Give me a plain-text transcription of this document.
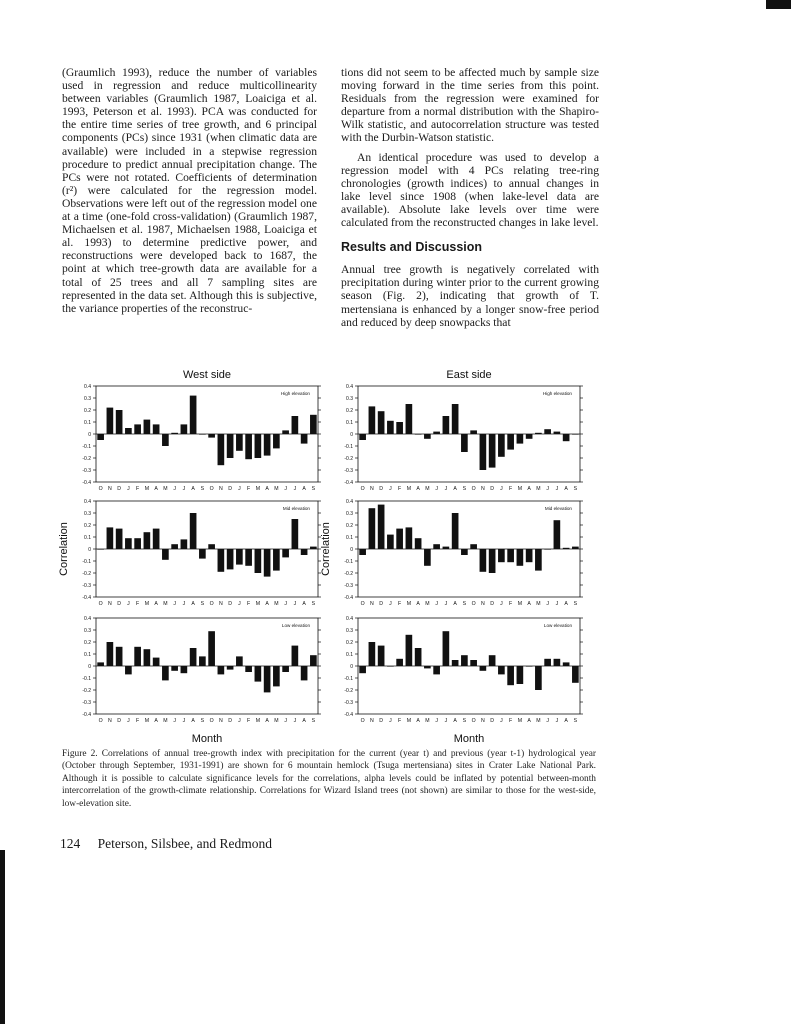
(Graumlich 1993), reduce the number of variables used in regression and reduce multicollinearity between variables (Graumlich 1987, Loaiciga et al. 1993, Peterson et al. 1993). PCA was conducted for the entire time series of tree growth, and 6 principal components (PCs) since 1931 (when climatic data are available) were included in a stepwise regression procedure to predict annual precipitation change. The PCs were not rotated. Coefficients of determination (r²) were calculated for the regression model. Observations were left out of the regression model one at a time (one-fold cross-validation) (Graumlich 1987, Michaelsen et al. 1987, Michaelsen 1988, Loaiciga et al. 1993) to determine predictive power, and reconstructions were developed back to 1687, the point at which tree-growth data are available for a total of 25 trees and all 7 sampling sites are represented in the data set. Although this is subjective, the variance properties of the reconstruc-

tions did not seem to be affected much by sample size moving forward in the time series from this point. Residuals from the regression were examined for departure from a normal distribution with the Shapiro-Wilk statistic, and autocorrelation structure was tested with the Durbin-Watson statistic.

An identical procedure was used to develop a regression model with 4 PCs relating tree-ring chronologies (growth indices) to annual changes in lake level since 1908 (when lake-level data are available). Absolute lake levels over time were calculated from the reconstructed changes in lake level.

Results and Discussion

Annual tree growth is negatively correlated with precipitation during winter prior to the current growing season (Fig. 2), indicating that growth of T. mertensiana is enhanced by a longer snow-free period and reduced by deep snowpacks that

West side	East side
Correlation	Correlation
Month	Month
0.4
0.3
0.2
0.1
0
-0.1
-0.2
-0.3
-0.4
O N D J F M A M J J A S O N D J F M A M J J A S
High elevation
0.4
0.3
0.2
0.1
0
-0.1
-0.2
-0.3
-0.4
O N D J F M A M J J A S O N D J F M A M J J A S
High elevation
0.4
0.3
0.2
0.1
0
-0.1
-0.2
-0.3
-0.4
O N D J F M A M J J A S O N D J F M A M J J A S
Mid elevation
0.4
0.3
0.2
0.1
0
-0.1
-0.2
-0.3
-0.4
O N D J F M A M J J A S O N D J F M A M J J A S
Mid elevation
0.4
0.3
0.2
0.1
0
-0.1
-0.2
-0.3
-0.4
O N D J F M A M J J A S O N D J F M A M J J A S
Low elevation
0.4
0.3
0.2
0.1
0
-0.1
-0.2
-0.3
-0.4
O N D J F M A M J J A S O N D J F M A M J J A S
Low elevation
Figure 2. Correlations of annual tree-growth index with precipitation for the current (year t) and previous (year t-1) hydrological year (October through September, 1931-1991) are shown for 6 mountain hemlock (Tsuga mertensiana) sites in Crater Lake National Park. Although it is possible to calculate significance levels for the correlations, alpha levels could be inflated by potential between-month intercorrelation of the growth-climate relationship. Correlations for Wizard Island trees (not shown) are similar to those for the west-side, low-elevation site.
124 Peterson, Silsbee, and Redmond
